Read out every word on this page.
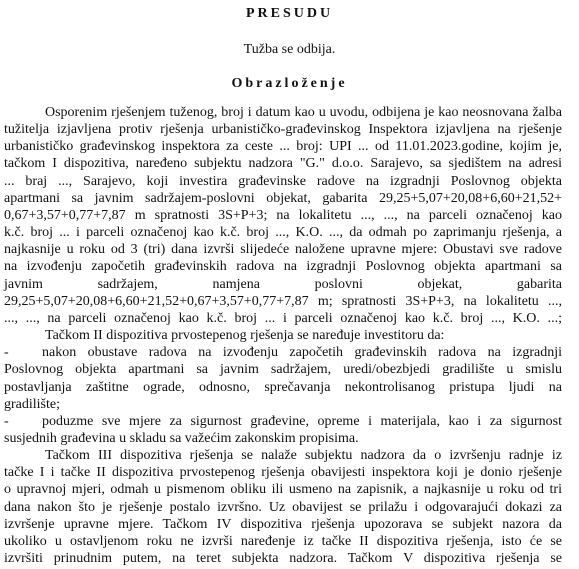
PRESUDU
Tužba se odbija.
Obrazloženje
Osporenim rješenjem tuženog, broj i datum kao u uvodu, odbijena je kao neosnovana žalba
tužitelja izjavljena protiv rješenja urbanističko-građevinskog Inspektora izjavljena na rješenje
urbanističko građevinskog inspektora za ceste ... broj: UPI ... od 11.01.2023.godine, kojim je,
tačkom I dispozitiva, naređeno subjektu nadzora "G." d.o.o. Sarajevo, sa sjedištem na adresi
... braj ..., Sarajevo, koji investira građevinske radove na izgradnji Poslovnog objekta
apartmani sa javnim sadržajem-poslovni objekat, gabarita 29,25+5,07+20,08+6,60+21,52+
0,67+3,57+0,77+7,87 m spratnosti 3S+P+3; na lokalitetu ..., ..., na parceli označenoj kao
k.č. broj ... i parceli označenoj kao k.č. broj ..., K.O. ..., da odmah po zaprimanju rješenja, a
najkasnije u roku od 3 (tri) dana izvrši slijedeće naložene upravne mjere: Obustavi sve radove
na izvođenju započetih građevinskih radova na izgradnji Poslovnog objekta apartmani sa
javnim sadržajem, namjena poslovni objekat, gabarita
29,25+5,07+20,08+6,60+21,52+0,67+3,57+0,77+7,87 m; spratnosti 3S+P+3, na lokalitetu ...,
..., ..., na parceli označenoj kao k.č. broj ... i parceli označenoj kao k.č. broj ..., K.O. ...;
Tačkom II dispozitiva prvostepenog rješenja se naređuje investitoru da:
- nakon obustave radova na izvođenju započetih građevinskih radova na izgradnji
Poslovnog objekta apartmani sa javnim sadržajem, uredi/obezbjedi gradilište u smislu
postavljanja zaštitne ograde, odnosno, sprečavanja nekontrolisanog pristupa ljudi na
gradilište;
- poduzme sve mjere za sigurnost građevine, opreme i materijala, kao i za sigurnost
susjednih građevina u skladu sa važećim zakonskim propisima.
Tačkom III dispozitiva rješenja se nalaže subjektu nadzora da o izvršenju radnje iz
tačke I i tačke II dispozitiva prvostepenog rješenja obavijesti inspektora koji je donio rješenje
o upravnoj mjeri, odmah u pismenom obliku ili usmeno na zapisnik, a najkasnije u roku od tri
dana nakon što je rješenje postalo izvršno. Uz obavijest se prilažu i odgovarajući dokazi za
izvršenje upravne mjere. Tačkom IV dispozitiva rješenja upozorava se subjekt nazora da
ukoliko u ostavljenom roku ne izvrši naređenje iz tačke II dispozitiva rješenja, isto će se
izvršiti prinudnim putem, na teret subjekta nadzora. Tačkom V dispozitiva rješenja se
